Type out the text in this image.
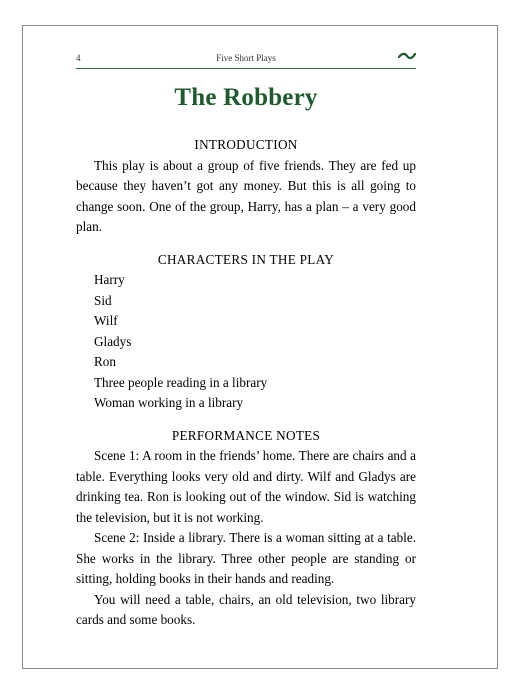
4	Five Short Plays
The Robbery

INTRODUCTION

This play is about a group of five friends. They are fed up because they haven’t got any money. But this is all going to change soon. One of the group, Harry, has a plan – a very good plan.

CHARACTERS IN THE PLAY

Harry
Sid
Wilf
Gladys
Ron
Three people reading in a library
Woman working in a library

PERFORMANCE NOTES

Scene 1: A room in the friends’ home. There are chairs and a table. Everything looks very old and dirty. Wilf and Gladys are drinking tea. Ron is looking out of the window. Sid is watching the television, but it is not working.

Scene 2: Inside a library. There is a woman sitting at a table. She works in the library. Three other people are standing or sitting, holding books in their hands and reading.

You will need a table, chairs, an old television, two library cards and some books.
